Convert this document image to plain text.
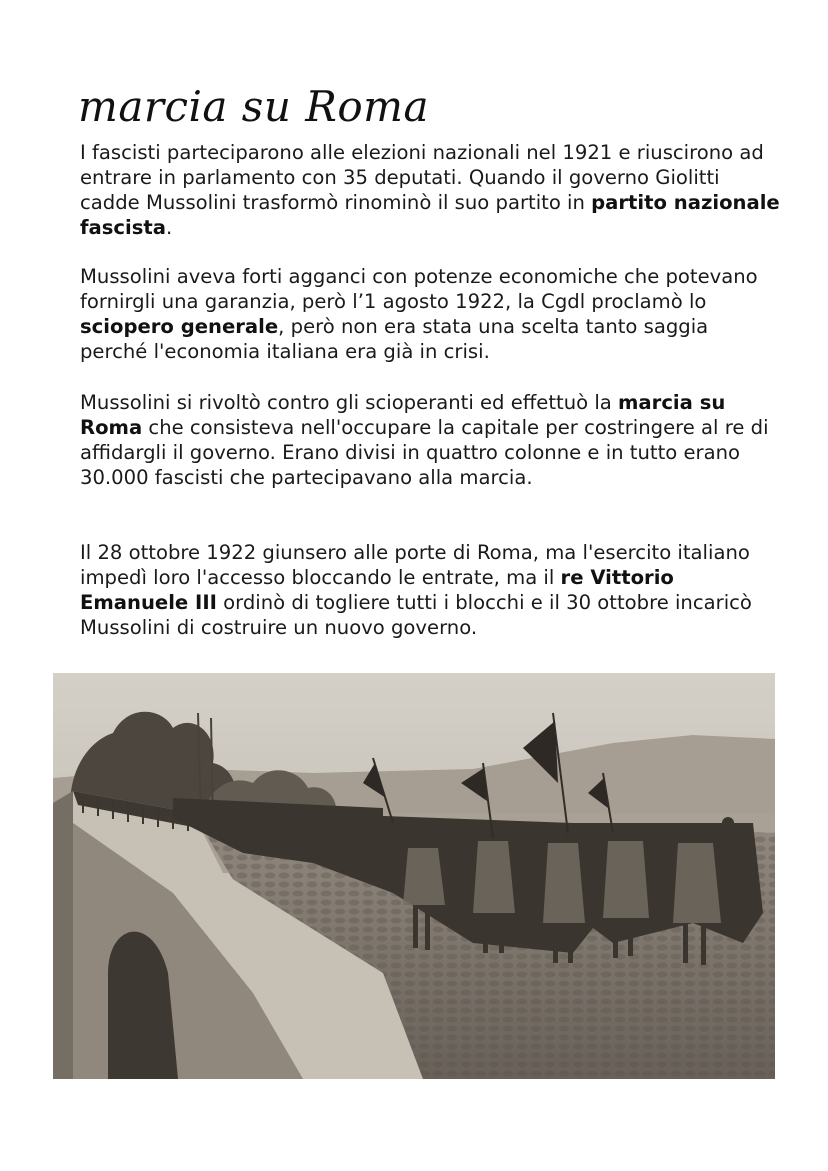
marcia su Roma

I fascisti parteciparono alle elezioni nazionali nel 1921 e riuscirono ad entrare in parlamento con 35 deputati. Quando il governo Giolitti cadde Mussolini trasformò rinominò il suo partito in partito nazionale fascista.

Mussolini aveva forti agganci con potenze economiche che potevano fornirgli una garanzia, però l’1 agosto 1922, la Cgdl proclamò lo sciopero generale, però non era stata una scelta tanto saggia perché l'economia italiana era già in crisi.

Mussolini si rivoltò contro gli scioperanti ed effettuò la marcia su Roma che consisteva nell'occupare la capitale per costringere al re di affidargli il governo. Erano divisi in quattro colonne e in tutto erano 30.000 fascisti che partecipavano alla marcia.

Il 28 ottobre 1922 giunsero alle porte di Roma, ma l'esercito italiano impedì loro l'accesso bloccando le entrate, ma il re Vittorio Emanuele III ordinò di togliere tutti i blocchi e il 30 ottobre incaricò Mussolini di costruire un nuovo governo.
